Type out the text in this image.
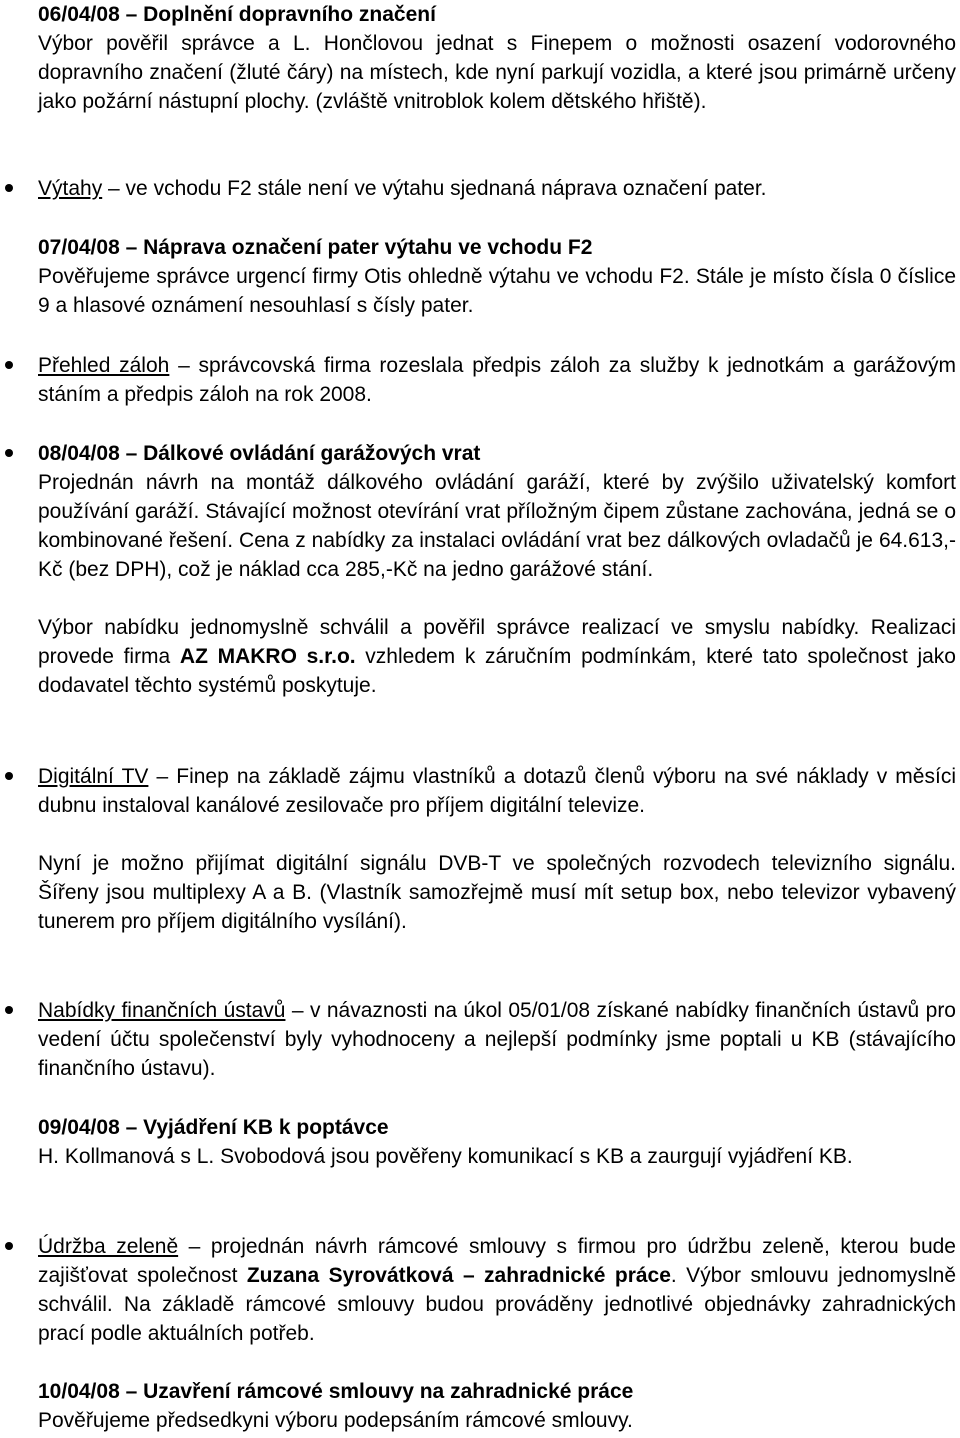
06/04/08 – Doplnění dopravního značení

Výbor pověřil správce a L. Hončlovou jednat s Finepem o možnosti osazení vodorovného dopravního značení (žluté čáry) na místech, kde nyní parkují vozidla, a které jsou primárně určeny jako požární nástupní plochy. (zvláště vnitroblok kolem dětského hřiště).

Výtahy – ve vchodu F2 stále není ve výtahu sjednaná náprava označení pater.

07/04/08 – Náprava označení pater výtahu ve vchodu F2

Pověřujeme správce urgencí firmy Otis ohledně výtahu ve vchodu F2. Stále je místo čísla 0 číslice 9 a hlasové oznámení nesouhlasí s čísly pater.

Přehled záloh – správcovská firma rozeslala předpis záloh za služby k jednotkám a garážovým stáním a předpis záloh na rok 2008.

08/04/08 – Dálkové ovládání garážových vrat

Projednán návrh na montáž dálkového ovládání garáží, které by zvýšilo uživatelský komfort používání garáží. Stávající možnost otevírání vrat příložným čipem zůstane zachována, jedná se o kombinované řešení. Cena z nabídky za instalaci ovládání vrat bez dálkových ovladačů je 64.613,- Kč (bez DPH), což je náklad cca 285,-Kč na jedno garážové stání.

Výbor nabídku jednomyslně schválil a pověřil správce realizací ve smyslu nabídky. Realizaci provede firma AZ MAKRO s.r.o. vzhledem k záručním podmínkám, které tato společnost jako dodavatel těchto systémů poskytuje.

Digitální TV – Finep na základě zájmu vlastníků a dotazů členů výboru na své náklady v měsíci dubnu instaloval kanálové zesilovače pro příjem digitální televize.

Nyní je možno přijímat digitální signálu DVB-T ve společných rozvodech televizního signálu. Šířeny jsou multiplexy A a B. (Vlastník samozřejmě musí mít setup box, nebo televizor vybavený tunerem pro příjem digitálního vysílání).

Nabídky finančních ústavů – v návaznosti na úkol 05/01/08 získané nabídky finančních ústavů pro vedení účtu společenství byly vyhodnoceny a nejlepší podmínky jsme poptali u KB (stávajícího finančního ústavu).

09/04/08 – Vyjádření KB k poptávce

H. Kollmanová s L. Svobodová jsou pověřeny komunikací s KB a zaurgují vyjádření KB.

Údržba zeleně – projednán návrh rámcové smlouvy s firmou pro údržbu zeleně, kterou bude zajišťovat společnost Zuzana Syrovátková – zahradnické práce. Výbor smlouvu jednomyslně schválil. Na základě rámcové smlouvy budou prováděny jednotlivé objednávky zahradnických prací podle aktuálních potřeb.

10/04/08 – Uzavření rámcové smlouvy na zahradnické práce

Pověřujeme předsedkyni výboru podepsáním rámcové smlouvy.
